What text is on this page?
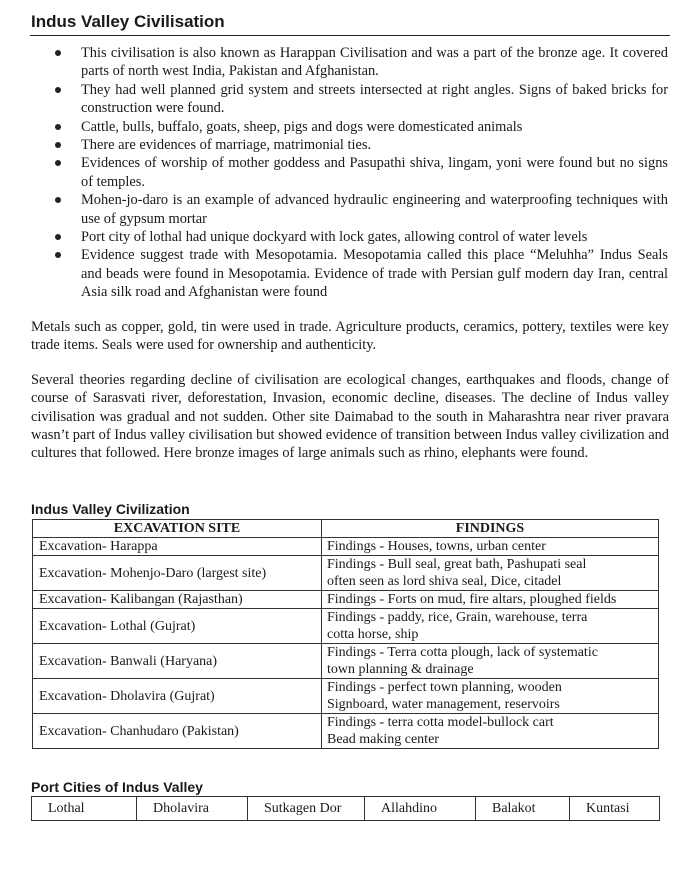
Indus Valley Civilisation
This civilisation is also known as Harappan Civilisation and was a part of the bronze age. It covered parts of north west India, Pakistan and Afghanistan.
They had well planned grid system and streets intersected at right angles. Signs of baked bricks for construction were found.
Cattle, bulls, buffalo, goats, sheep, pigs and dogs were domesticated animals
There are evidences of marriage, matrimonial ties.
Evidences of worship of mother goddess and Pasupathi shiva, lingam, yoni were found but no signs of temples.
Mohen-jo-daro is an example of advanced hydraulic engineering and waterproofing techniques with use of gypsum mortar
Port city of lothal had unique dockyard with lock gates, allowing control of water levels
Evidence suggest trade with Mesopotamia. Mesopotamia called this place “Meluhha” Indus Seals and beads were found in Mesopotamia. Evidence of trade with Persian gulf modern day Iran, central Asia silk road and Afghanistan were found

Metals such as copper, gold, tin were used in trade. Agriculture products, ceramics, pottery, textiles were key trade items. Seals were used for ownership and authenticity.

Several theories regarding decline of civilisation are ecological changes, earthquakes and floods, change of course of Sarasvati river, deforestation, Invasion, economic decline, diseases. The decline of Indus valley civilisation was gradual and not sudden. Other site Daimabad to the south in Maharashtra near river pravara wasn’t part of Indus valley civilisation but showed evidence of transition between Indus valley civilization and cultures that followed. Here bronze images of large animals such as rhino, elephants were found.

Indus Valley Civilization
EXCAVATION SITE	FINDINGS
Excavation- Harappa	Findings - Houses, towns, urban center

Excavation- Mohenjo-Daro (largest site)	Findings - Bull seal, great bath, Pashupati seal
often seen as lord shiva seal, Dice, citadel

Excavation- Kalibangan (Rajasthan)	Findings - Forts on mud, fire altars, ploughed fields

Excavation- Lothal (Gujrat)	Findings - paddy, rice, Grain, warehouse, terra
cotta horse, ship

Excavation- Banwali (Haryana)	Findings - Terra cotta plough, lack of systematic
town planning & drainage

Excavation- Dholavira (Gujrat)	Findings - perfect town planning, wooden
Signboard, water management, reservoirs

Excavation- Chanhudaro (Pakistan)	Findings - terra cotta model-bullock cart
Bead making center
Port Cities of Indus Valley
Lothal	Dholavira	Sutkagen Dor	Allahdino	Balakot	Kuntasi
